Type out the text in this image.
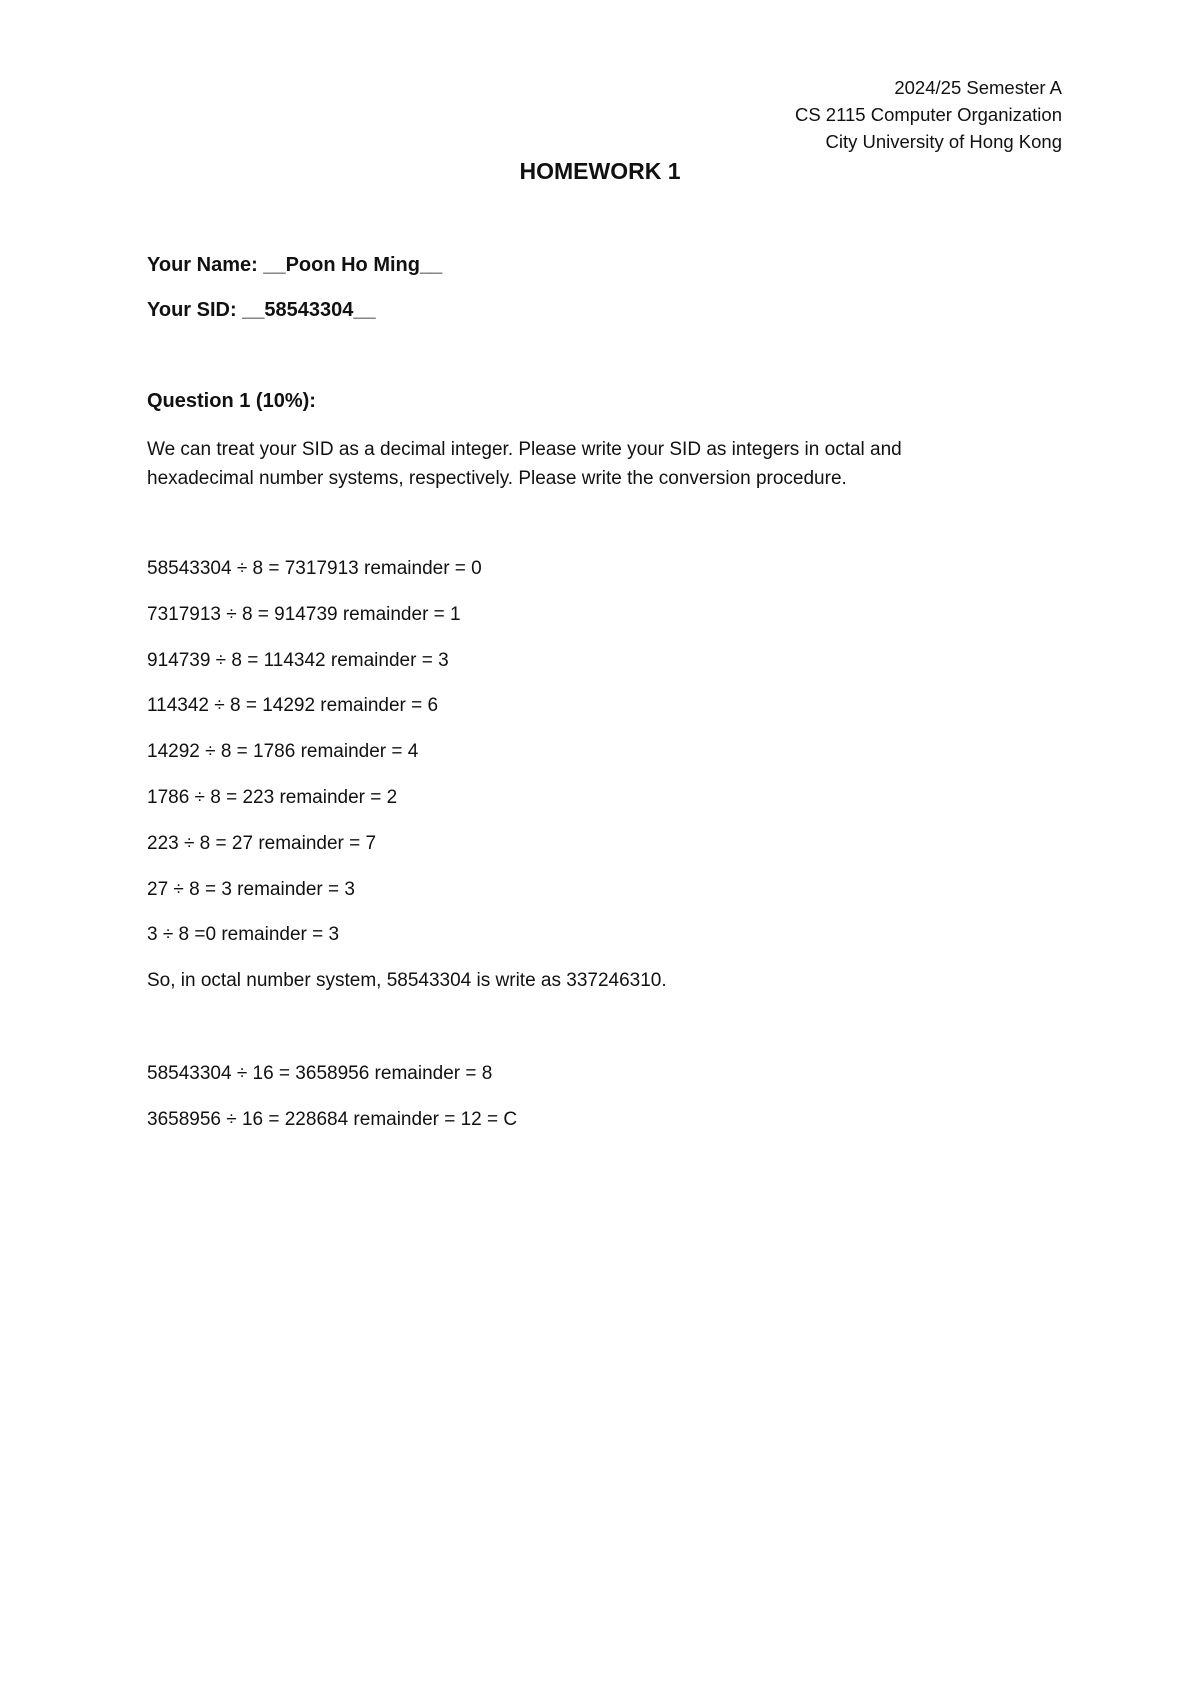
2024/25 Semester A
CS 2115 Computer Organization
City University of Hong Kong
HOMEWORK 1
Your Name: __Poon Ho Ming__
Your SID: __58543304__
Question 1 (10%):
We can treat your SID as a decimal integer. Please write your SID as integers in octal and hexadecimal number systems, respectively. Please write the conversion procedure.
58543304 ÷ 8 = 7317913 remainder = 0
7317913 ÷ 8 = 914739 remainder = 1
914739 ÷ 8 = 114342 remainder = 3
114342 ÷ 8 = 14292 remainder = 6
14292 ÷ 8 = 1786 remainder = 4
1786 ÷ 8 = 223 remainder = 2
223 ÷ 8 = 27 remainder = 7
27 ÷ 8 = 3 remainder = 3
3 ÷ 8 =0 remainder = 3
So, in octal number system, 58543304 is write as 337246310.
58543304 ÷ 16 = 3658956 remainder = 8
3658956 ÷ 16 = 228684 remainder = 12 = C
